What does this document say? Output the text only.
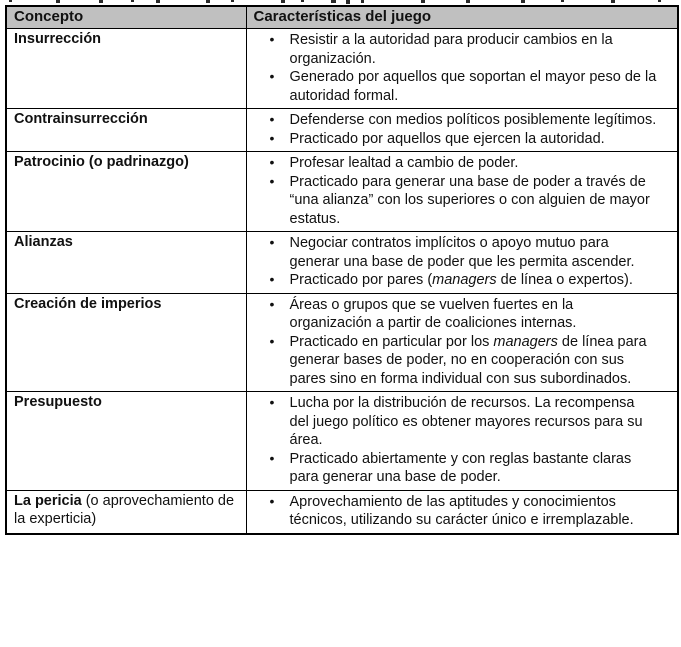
Concepto	Características del juego
Insurrección	
•Resistir a la autoridad para producir cambios en la organización.
• Generado por aquellos que soportan el mayor peso de la autoridad formal.

Contrainsurrección	
•Defenderse con medios políticos posiblemente legítimos.
• Practicado por aquellos que ejercen la autoridad.

Patrocinio (o padrinazgo)	
•Profesar lealtad a cambio de poder.
• Practicado para generar una base de poder a través de “una alianza” con los superiores o con alguien de mayor estatus.

Alianzas	
•Negociar contratos implícitos o apoyo mutuo para generar una base de poder que les permita ascender.
• Practicado por pares (managers de línea o expertos).

Creación de imperios	
•Áreas o grupos que se vuelven fuertes en la organización a partir de coaliciones internas.
• Practicado en particular por los managers de línea para generar bases de poder, no en cooperación con sus pares sino en forma individual con sus subordinados.

Presupuesto	
•Lucha por la distribución de recursos. La recompensa del juego político es obtener mayores recursos para su área.
• Practicado abiertamente y con reglas bastante claras para generar una base de poder.

La pericia (o aprovechamiento de la experticia)	
• Aprovechamiento de las aptitudes y conocimientos técnicos, utilizando su carácter único e irremplazable.
